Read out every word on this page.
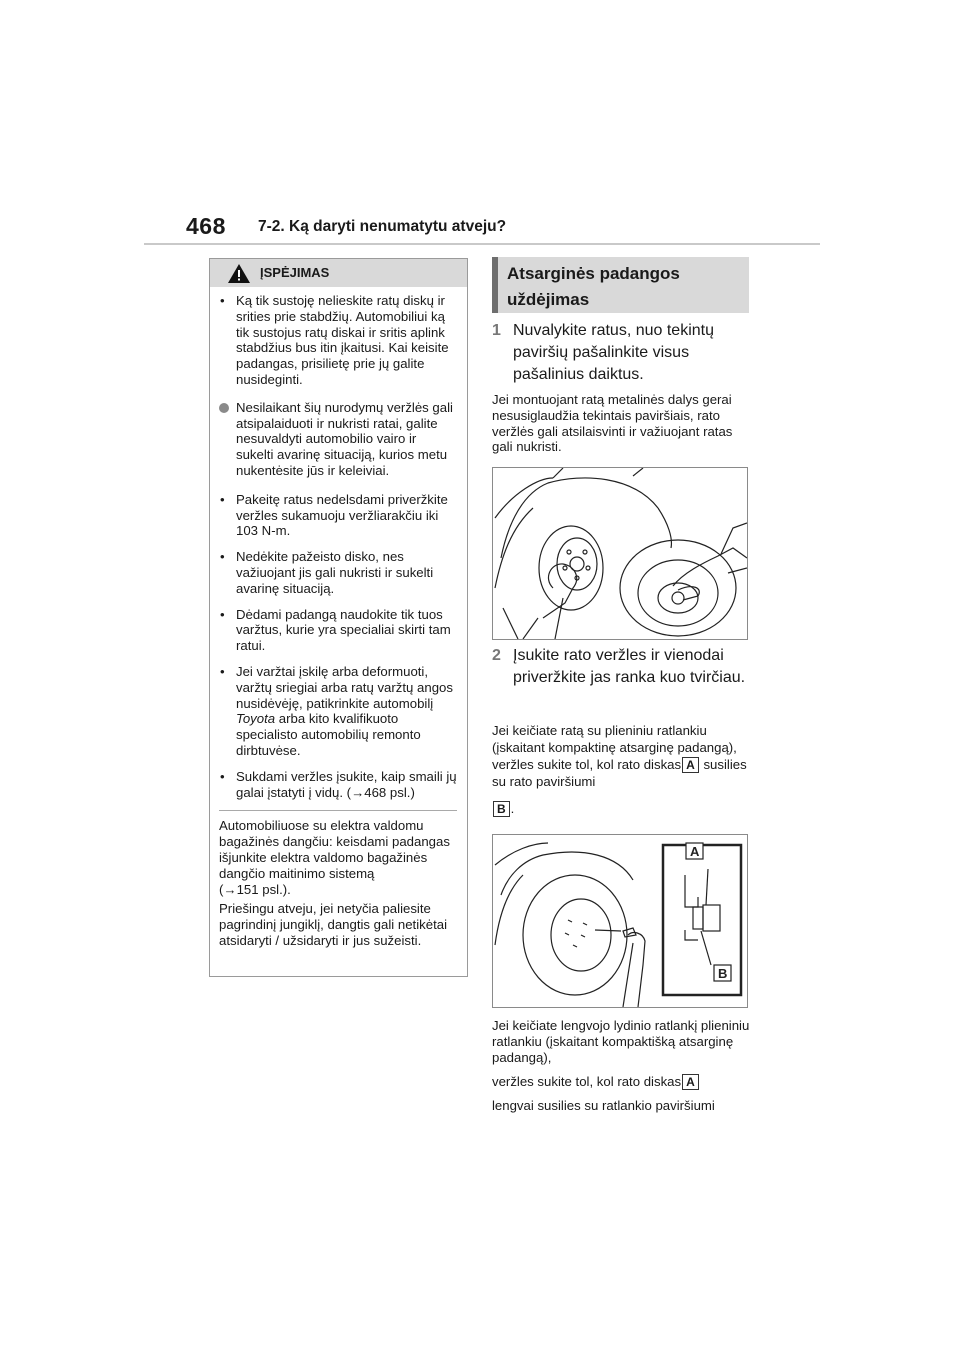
468 7-2. Ką daryti nenumatytu atveju?
ĮSPĖJIMAS
• Ką tik sustoję nelieskite ratų diskų ir srities prie stabdžių. Automobiliui ką tik sustojus ratų diskai ir sritis aplink stabdžius bus itin įkaitusi. Kai keisite padangas, prisilietę prie jų galite nusideginti.
Nesilaikant šių nurodymų veržlės gali atsipalaiduoti ir nukristi ratai, galite nesuvaldyti automobilio vairo ir sukelti avarinę situaciją, kurios metu nukentėsite jūs ir keleiviai.
• Pakeitę ratus nedelsdami priveržkite veržles sukamuoju veržliarakčiu iki 103 N-m.
• Nedėkite pažeisto disko, nes važiuojant jis gali nukristi ir sukelti avarinę situaciją.
• Dėdami padangą naudokite tik tuos varžtus, kurie yra specialiai skirti tam ratui.
• Jei varžtai įskilę arba deformuoti, varžtų sriegiai arba ratų varžtų angos nusidėvėję, patikrinkite automobilį Toyota arba kito kvalifikuoto specialisto automobilių remonto dirbtuvėse.
• Sukdami veržles įsukite, kaip smaili jų galai įstatyti į vidų. (→468 psl.)
Automobiliuose su elektra valdomu bagažinės dangčiu: keisdami padangas išjunkite elektra valdomo bagažinės dangčio maitinimo sistemą
(→151 psl.).
Priešingu atveju, jei netyčia paliesite pagrindinį jungiklį, dangtis gali netikėtai atsidaryti / užsidaryti ir jus sužeisti.
Atsarginės padangos uždėjimas
1 Nuvalykite ratus, nuo tekintų paviršių pašalinkite visus pašalinius daiktus.
Jei montuojant ratą metalinės dalys gerai nesusiglaudžia tekintais paviršiais, rato veržlės gali atsilaisvinti ir važiuojant ratas gali nukristi.
2 Įsukite rato veržles ir vienodai priveržkite jas ranka kuo tvirčiau.
Jei keičiate ratą su plieniniu ratlankiu (įskaitant kompaktinę atsarginę padangą), veržles sukite tol, kol rato diskas A susilies su rato paviršiumi
B .
A
B
Jei keičiate lengvojo lydinio ratlankį plieniniu ratlankiu (įskaitant kompaktišką atsarginę padangą),
veržles sukite tol, kol rato diskas A
lengvai susilies su ratlankio paviršiumi
